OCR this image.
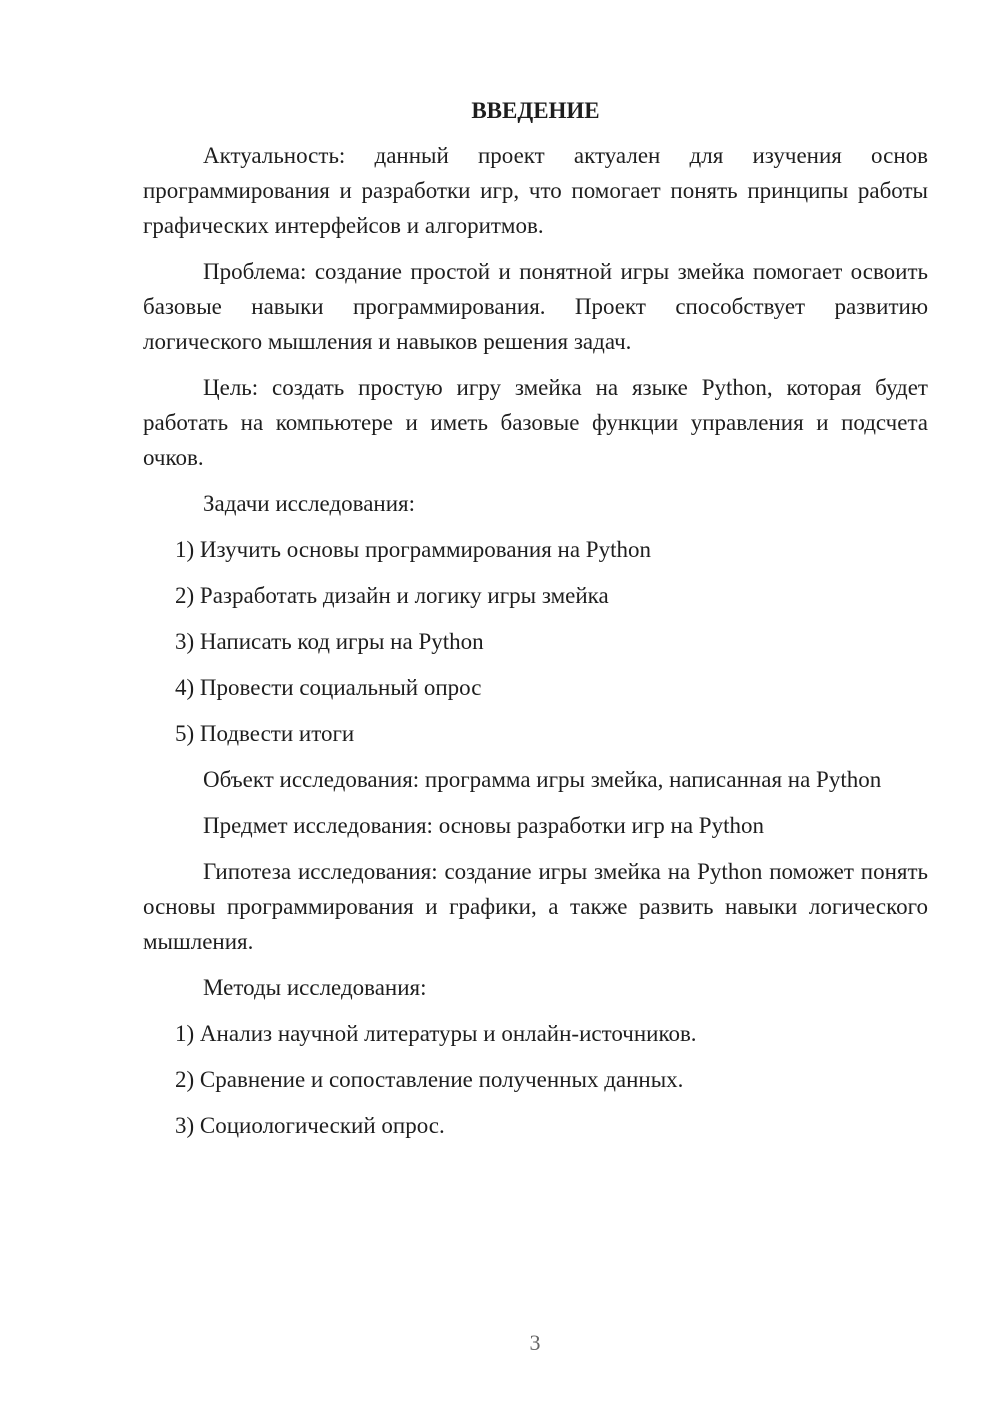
ВВЕДЕНИЕ

Актуальность: данный проект актуален для изучения основ программирования и разработки игр, что помогает понять принципы работы графических интерфейсов и алгоритмов.

Проблема: создание простой и понятной игры змейка помогает освоить базовые навыки программирования. Проект способствует развитию логического мышления и навыков решения задач.

Цель: создать простую игру змейка на языке Python, которая будет работать на компьютере и иметь базовые функции управления и подсчета очков.

Задачи исследования:

1) Изучить основы программирования на Python

2) Разработать дизайн и логику игры змейка

3) Написать код игры на Python

4) Провести социальный опрос

5) Подвести итоги

Объект исследования: программа игры змейка, написанная на Python

Предмет исследования: основы разработки игр на Python

Гипотеза исследования: создание игры змейка на Python поможет понять основы программирования и графики, а также развить навыки логического мышления.

Методы исследования:

1) Анализ научной литературы и онлайн-источников.

2) Сравнение и сопоставление полученных данных.

3) Социологический опрос.

3
